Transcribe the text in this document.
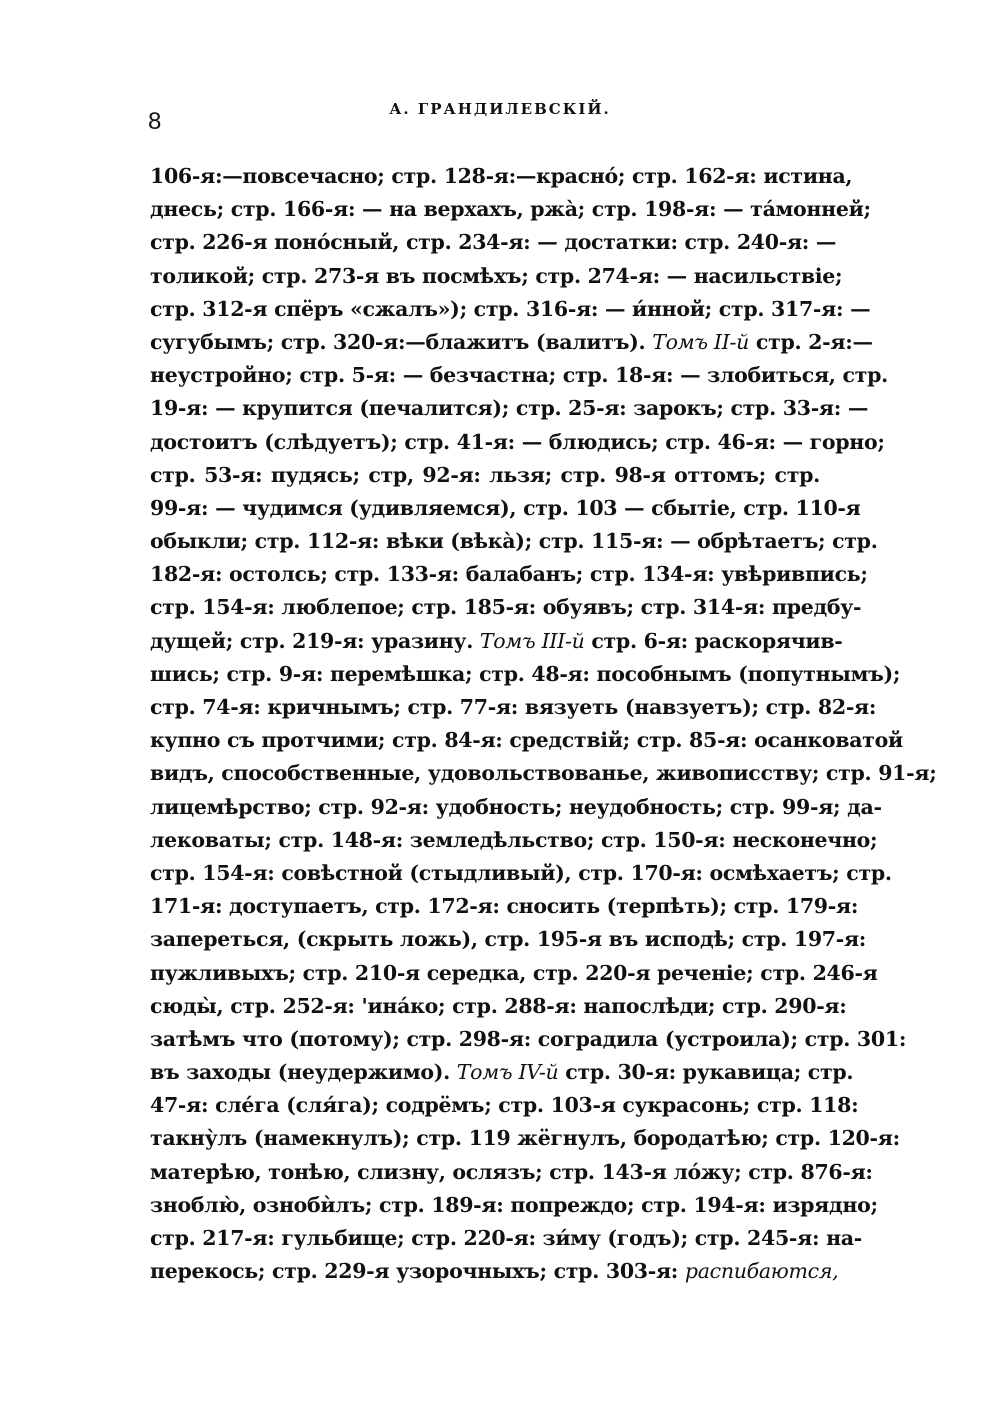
8	А. ГРАНДИЛЕВСКІЙ.
106-я:—повсечасно; стр. 128-я:—красно́; стр. 162-я: истина,
днесь; стр. 166-я: — на верхахъ, ржа̀; стр. 198-я: — та́монней;
стр. 226-я поно́сный, стр. 234-я: — достатки: стр. 240-я: —
толикой; стр. 273-я въ посмѣхъ; стр. 274-я: — насильствіе;
стр. 312-я спёръ «сжалъ»); стр. 316-я: — и́нной; стр. 317-я: —
сугубымъ; стр. 320-я:—блажитъ (валитъ). Томъ II-й стр. 2-я:—
неустройно; стр. 5-я: — безчастна; стр. 18-я: — злобиться, стр.
19-я: — крупится (печалится); стр. 25-я: зарокъ; стр. 33-я: —
достоитъ (слѣдуетъ); стр. 41-я: — блюдись; стр. 46-я: — горно;
стр. 53-я: пудясь; стр, 92-я: льзя; стр. 98-я оттомъ; стр.
99-я: — чудимся (удивляемся), стр. 103 — сбытіе, стр. 110-я
обыкли; стр. 112-я: вѣки (вѣка̀); стр. 115-я: — обрѣтаетъ; стр.
182-я: остолсь; стр. 133-я: балабанъ; стр. 134-я: увѣривпись;
стр. 154-я: люблепое; стр. 185-я: обуявъ; стр. 314-я: предбу-
дущей; стр. 219-я: уразину. Томъ III-й стр. 6-я: раскорячив-
шись; стр. 9-я: перемѣшка; стр. 48-я: пособнымъ (попутнымъ);
стр. 74-я: кричнымъ; стр. 77-я: вязуеть (навзуетъ); стр. 82-я:
купно съ протчими; стр. 84-я: средствій; стр. 85-я: осанковатой
видъ, способственные, удовольствованье, живописству; стр. 91-я;
лицемѣрство; стр. 92-я: удобность; неудобность; стр. 99-я; да-
лековаты; стр. 148-я: земледѣльство; стр. 150-я: несконечно;
стр. 154-я: совѣстной (стыдливый), стр. 170-я: осмѣхаетъ; стр.
171-я: доступаетъ, стр. 172-я: сносить (терпѣть); стр. 179-я:
запереться, (скрыть ложь), стр. 195-я въ исподѣ; стр. 197-я:
пужливыхъ; стр. 210-я середка, стр. 220-я реченіе; стр. 246-я
сюды̀, стр. 252-я: 'ина́ко; стр. 288-я: напослѣди; стр. 290-я:
затѣмъ что (потому); стр. 298-я: соградила (устроила); стр. 301:
въ заходы (неудержимо). Томъ IV-й стр. 30-я: рукавица; стр.
47-я: сле́га (сля́га); содрёмъ; стр. 103-я сукрасонь; стр. 118:
такну̀лъ (намекнулъ); стр. 119 жёгнулъ, бородатѣю; стр. 120-я:
матерѣю, тонѣю, слизну, ослязъ; стр. 143-я ло́жу; стр. 876-я:
зноблю̀, ознобѝлъ; стр. 189-я: попреждо; стр. 194-я: изрядно;
стр. 217-я: гульбище; стр. 220-я: зи́му (годъ); стр. 245-я: на-
перекось; стр. 229-я узорочныхъ; стр. 303-я: распибаются,
